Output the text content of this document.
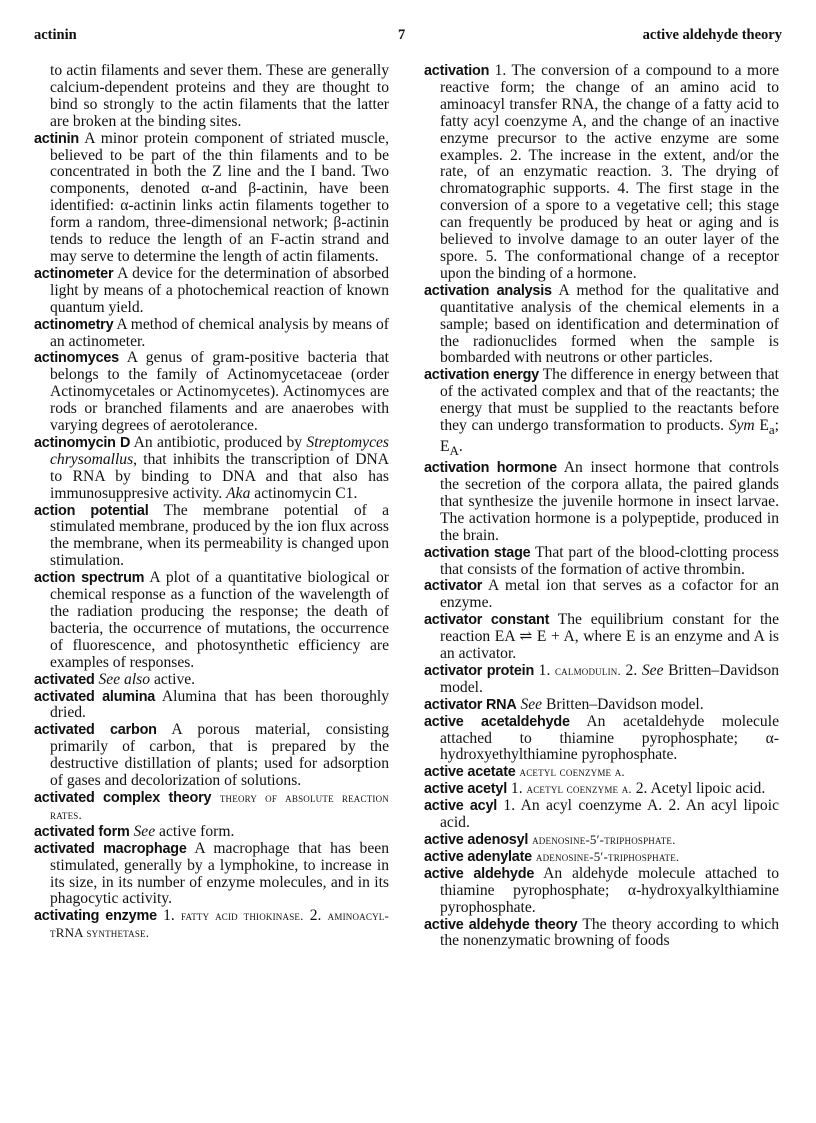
actinin	7	active aldehyde theory

to actin filaments and sever them. These are generally calcium-dependent proteins and they are thought to bind so strongly to the actin filaments that the latter are broken at the binding sites.

actinin A minor protein component of striated muscle, believed to be part of the thin filaments and to be concentrated in both the Z line and the I band. Two components, denoted α-and β-actinin, have been identified: α-actinin links actin filaments together to form a random, three-dimensional network; β-actinin tends to reduce the length of an F-actin strand and may serve to determine the length of actin filaments.

actinometer A device for the determination of absorbed light by means of a photochemical reaction of known quantum yield.

actinometry A method of chemical analysis by means of an actinometer.

actinomyces A genus of gram-positive bacteria that belongs to the family of Actinomycetaceae (order Actinomycetales or Actinomycetes). Actinomyces are rods or branched filaments and are anaerobes with varying degrees of aerotolerance.

actinomycin D An antibiotic, produced by Streptomyces chrysomallus, that inhibits the transcription of DNA to RNA by binding to DNA and that also has immunosuppresive activity. Aka actinomycin C1.

action potential The membrane potential of a stimulated membrane, produced by the ion flux across the membrane, when its permeability is changed upon stimulation.

action spectrum A plot of a quantitative biological or chemical response as a function of the wavelength of the radiation producing the response; the death of bacteria, the occurrence of mutations, the occurrence of fluorescence, and photosynthetic efficiency are examples of responses.

activated See also active.

activated alumina Alumina that has been thoroughly dried.

activated carbon A porous material, consisting primarily of carbon, that is prepared by the destructive distillation of plants; used for adsorption of gases and decolorization of solutions.

activated complex theory theory of absolute reaction rates.

activated form See active form.

activated macrophage A macrophage that has been stimulated, generally by a lymphokine, to increase in its size, in its number of enzyme molecules, and in its phagocytic activity.

activating enzyme 1. fatty acid thiokinase. 2. aminoacyl-tRNA synthetase.

activation 1. The conversion of a compound to a more reactive form; the change of an amino acid to aminoacyl transfer RNA, the change of a fatty acid to fatty acyl coenzyme A, and the change of an inactive enzyme precursor to the active enzyme are some examples. 2. The increase in the extent, and/or the rate, of an enzymatic reaction. 3. The drying of chromatographic supports. 4. The first stage in the conversion of a spore to a vegetative cell; this stage can frequently be produced by heat or aging and is believed to involve damage to an outer layer of the spore. 5. The conformational change of a receptor upon the binding of a hormone.

activation analysis A method for the qualitative and quantitative analysis of the chemical elements in a sample; based on identification and determination of the radionuclides formed when the sample is bombarded with neutrons or other particles.

activation energy The difference in energy between that of the activated complex and that of the reactants; the energy that must be supplied to the reactants before they can undergo transformation to products. Sym $E_a$; $E_A$.

activation hormone An insect hormone that controls the secretion of the corpora allata, the paired glands that synthesize the juvenile hormone in insect larvae. The activation hormone is a polypeptide, produced in the brain.

activation stage That part of the blood-clotting process that consists of the formation of active thrombin.

activator A metal ion that serves as a cofactor for an enzyme.

activator constant The equilibrium constant for the reaction EA ⇌ E + A, where E is an enzyme and A is an activator.

activator protein 1. calmodulin. 2. See Britten–Davidson model.

activator RNA See Britten–Davidson model.

active acetaldehyde An acetaldehyde molecule attached to thiamine pyrophosphate; α-hydroxyethylthiamine pyrophosphate.

active acetate acetyl coenzyme a.

active acetyl 1. acetyl coenzyme a. 2. Acetyl lipoic acid.

active acyl 1. An acyl coenzyme A. 2. An acyl lipoic acid.

active adenosyl adenosine-5′-triphosphate.

active adenylate adenosine-5′-triphosphate.

active aldehyde An aldehyde molecule attached to thiamine pyrophosphate; α-hydroxyalkylthiamine pyrophosphate.

active aldehyde theory The theory according to which the nonenzymatic browning of foods
